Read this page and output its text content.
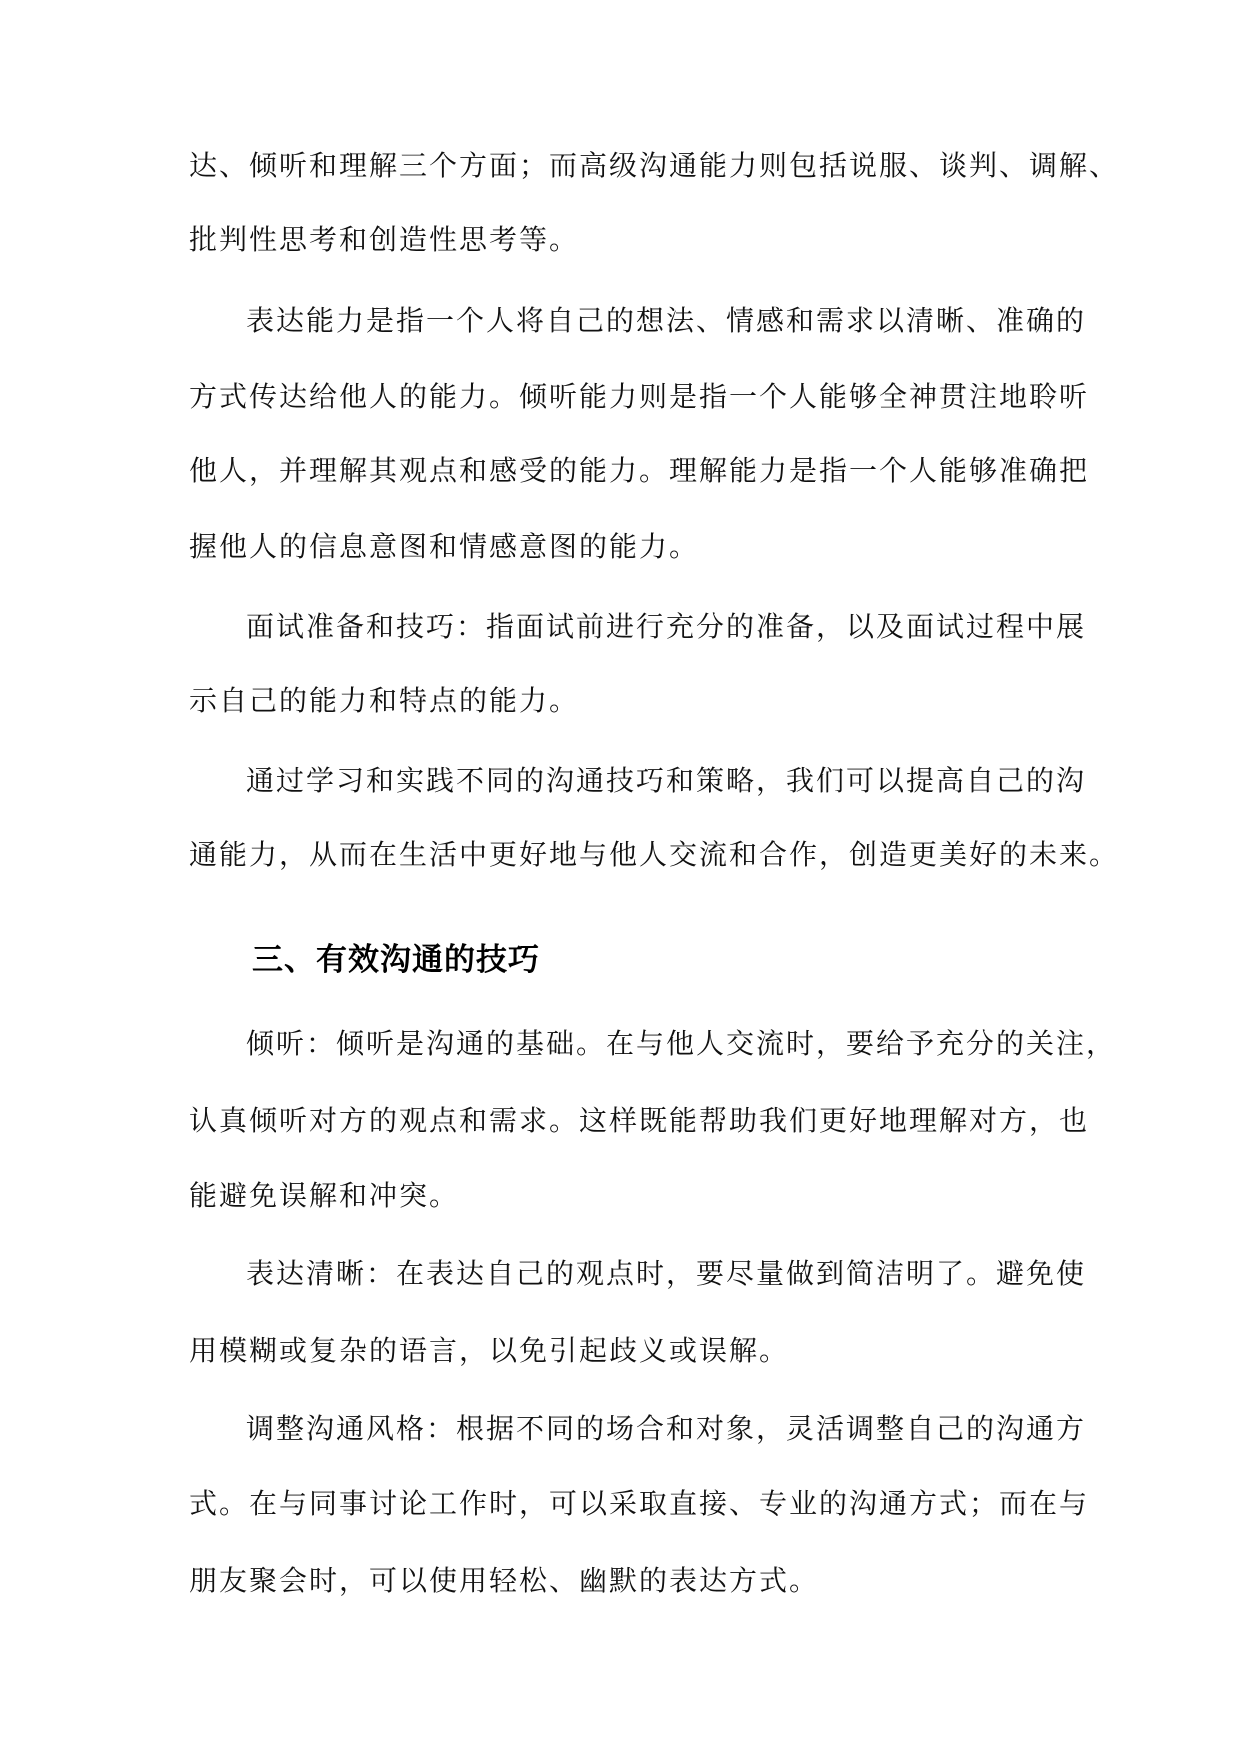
达、倾听和理解三个方面；而高级沟通能力则包括说服、谈判、调解、

批判性思考和创造性思考等。

表达能力是指一个人将自己的想法、情感和需求以清晰、准确的

方式传达给他人的能力。倾听能力则是指一个人能够全神贯注地聆听

他人，并理解其观点和感受的能力。理解能力是指一个人能够准确把

握他人的信息意图和情感意图的能力。

面试准备和技巧：指面试前进行充分的准备，以及面试过程中展

示自己的能力和特点的能力。

通过学习和实践不同的沟通技巧和策略，我们可以提高自己的沟

通能力，从而在生活中更好地与他人交流和合作，创造更美好的未来。

三、有效沟通的技巧

倾听：倾听是沟通的基础。在与他人交流时，要给予充分的关注，

认真倾听对方的观点和需求。这样既能帮助我们更好地理解对方，也

能避免误解和冲突。

表达清晰：在表达自己的观点时，要尽量做到简洁明了。避免使

用模糊或复杂的语言，以免引起歧义或误解。

调整沟通风格：根据不同的场合和对象，灵活调整自己的沟通方

式。在与同事讨论工作时，可以采取直接、专业的沟通方式；而在与

朋友聚会时，可以使用轻松、幽默的表达方式。
